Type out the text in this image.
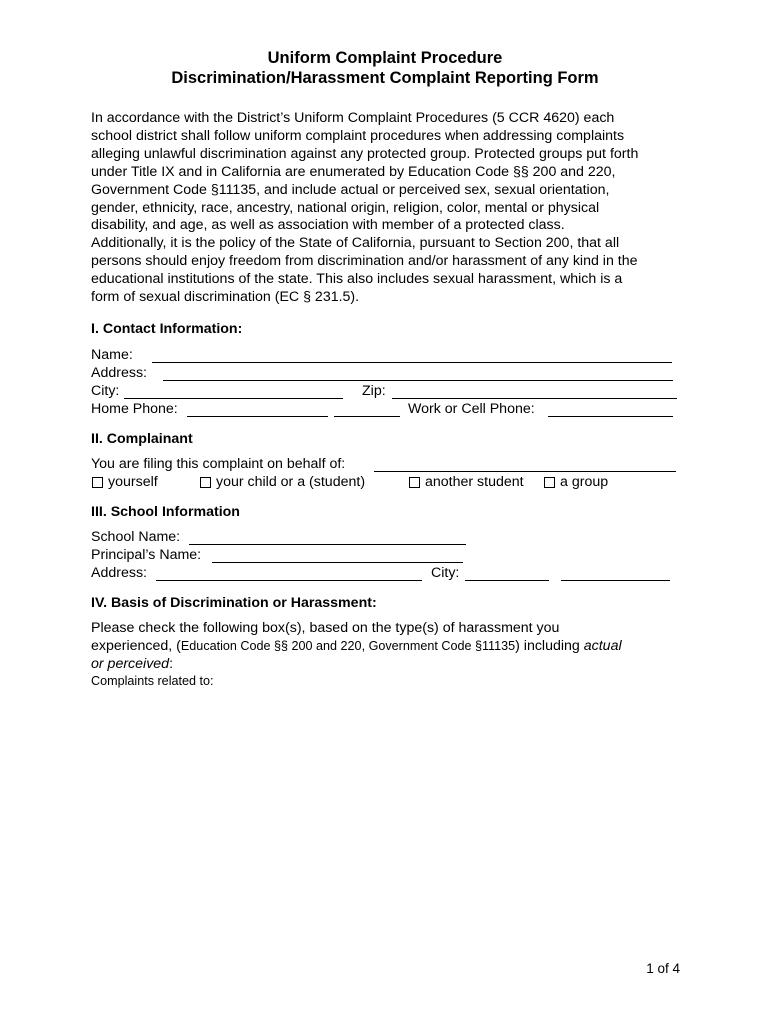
Uniform Complaint Procedure
Discrimination/Harassment Complaint Reporting Form
In accordance with the District’s Uniform Complaint Procedures (5 CCR 4620) each
school district shall follow uniform complaint procedures when addressing complaints
alleging unlawful discrimination against any protected group. Protected groups put forth
under Title IX and in California are enumerated by Education Code §§ 200 and 220,
Government Code §11135, and include actual or perceived sex, sexual orientation,
gender, ethnicity, race, ancestry, national origin, religion, color, mental or physical
disability, and age, as well as association with member of a protected class.
Additionally, it is the policy of the State of California, pursuant to Section 200, that all
persons should enjoy freedom from discrimination and/or harassment of any kind in the
educational institutions of the state. This also includes sexual harassment, which is a
form of sexual discrimination (EC § 231.5).
I. Contact Information:
Name:
Address:
City:	Zip:
Home Phone:	Work or Cell Phone:
II. Complainant
You are filing this complaint on behalf of:
yourself	your child or a (student)	another student	a group
III. School Information
School Name:
Principal’s Name:
Address:	City:
IV. Basis of Discrimination or Harassment:
Please check the following box(s), based on the type(s) of harassment you
experienced, (Education Code §§ 200 and 220, Government Code §11135) including actual
or perceived:
Complaints related to:
1 of 4
